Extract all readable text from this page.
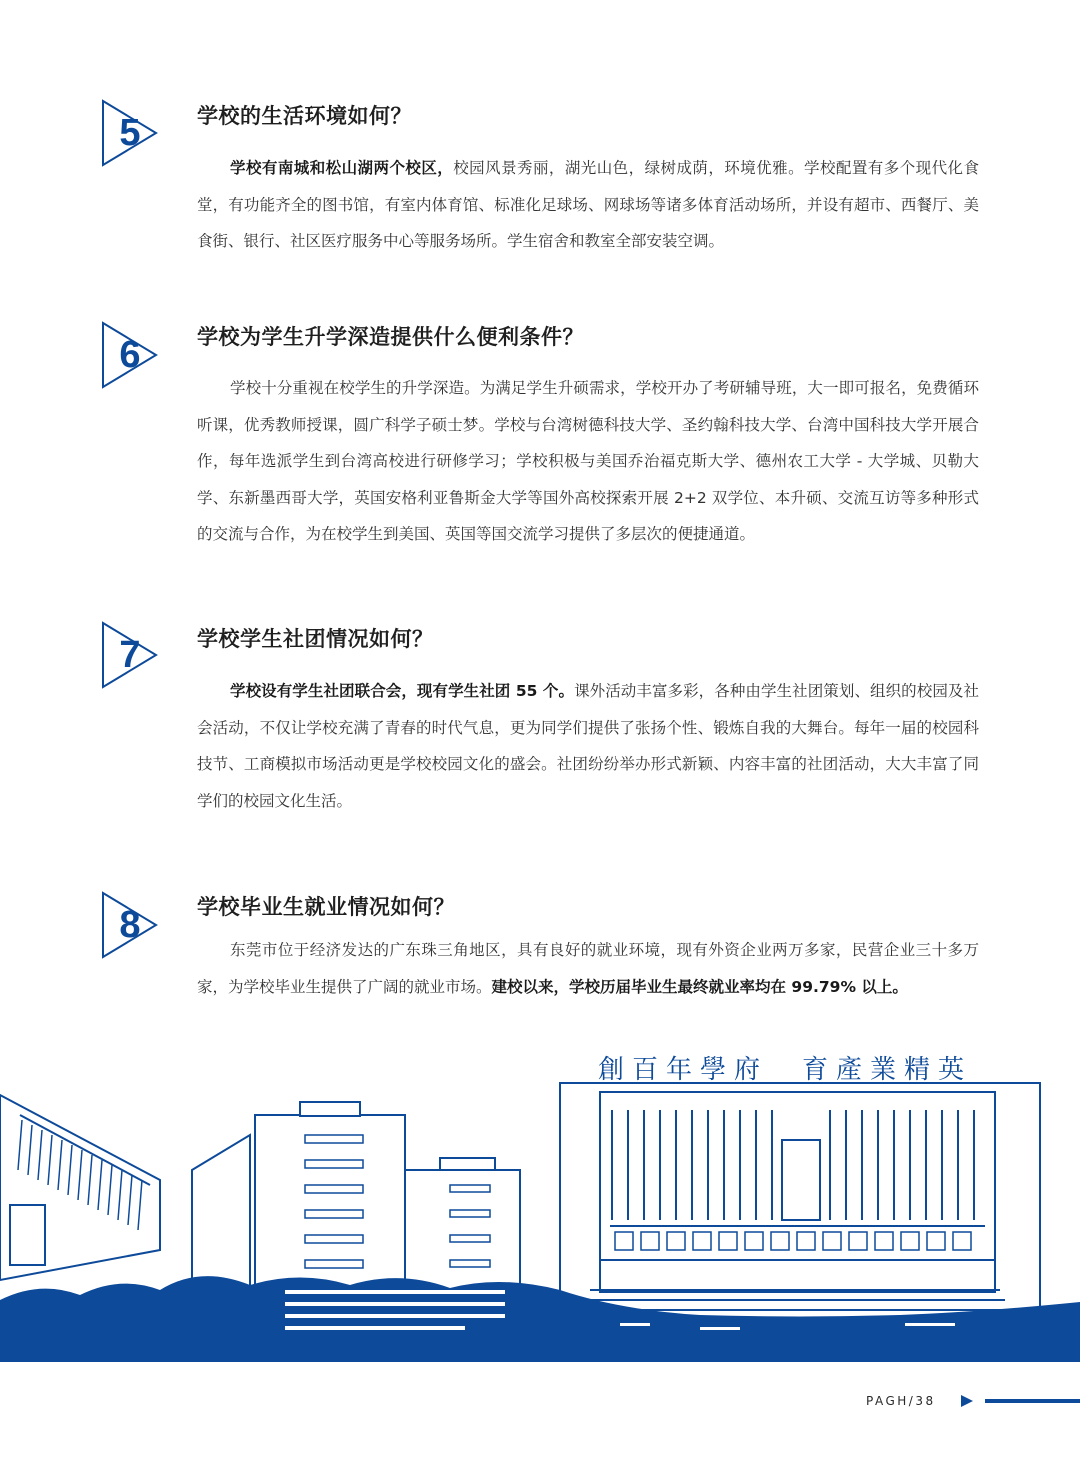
5	学校的生活环境如何？
学校有南城和松山湖两个校区，校园风景秀丽，湖光山色，绿树成荫，环境优雅。学校配置有多个现代化食堂，有功能齐全的图书馆，有室内体育馆、标准化足球场、网球场等诸多体育活动场所，并设有超市、西餐厅、美食街、银行、社区医疗服务中心等服务场所。学生宿舍和教室全部安装空调。
6	学校为学生升学深造提供什么便利条件？
学校十分重视在校学生的升学深造。为满足学生升硕需求，学校开办了考研辅导班，大一即可报名，免费循环听课，优秀教师授课，圆广科学子硕士梦。学校与台湾树德科技大学、圣约翰科技大学、台湾中国科技大学开展合作，每年选派学生到台湾高校进行研修学习；学校积极与美国乔治福克斯大学、德州农工大学 - 大学城、贝勒大学、东新墨西哥大学，英国安格利亚鲁斯金大学等国外高校探索开展 2+2 双学位、本升硕、交流互访等多种形式的交流与合作，为在校学生到美国、英国等国交流学习提供了多层次的便捷通道。
7	学校学生社团情况如何？
学校设有学生社团联合会，现有学生社团 55 个。课外活动丰富多彩，各种由学生社团策划、组织的校园及社会活动，不仅让学校充满了青春的时代气息，更为同学们提供了张扬个性、锻炼自我的大舞台。每年一届的校园科技节、工商模拟市场活动更是学校校园文化的盛会。社团纷纷举办形式新颖、内容丰富的社团活动，大大丰富了同学们的校园文化生活。
8	学校毕业生就业情况如何？
东莞市位于经济发达的广东珠三角地区，具有良好的就业环境，现有外资企业两万多家，民营企业三十多万家，为学校毕业生提供了广阔的就业市场。建校以来，学校历届毕业生最终就业率均在 99.79% 以上。
創百年學府　育產業精英
PAGH/38
